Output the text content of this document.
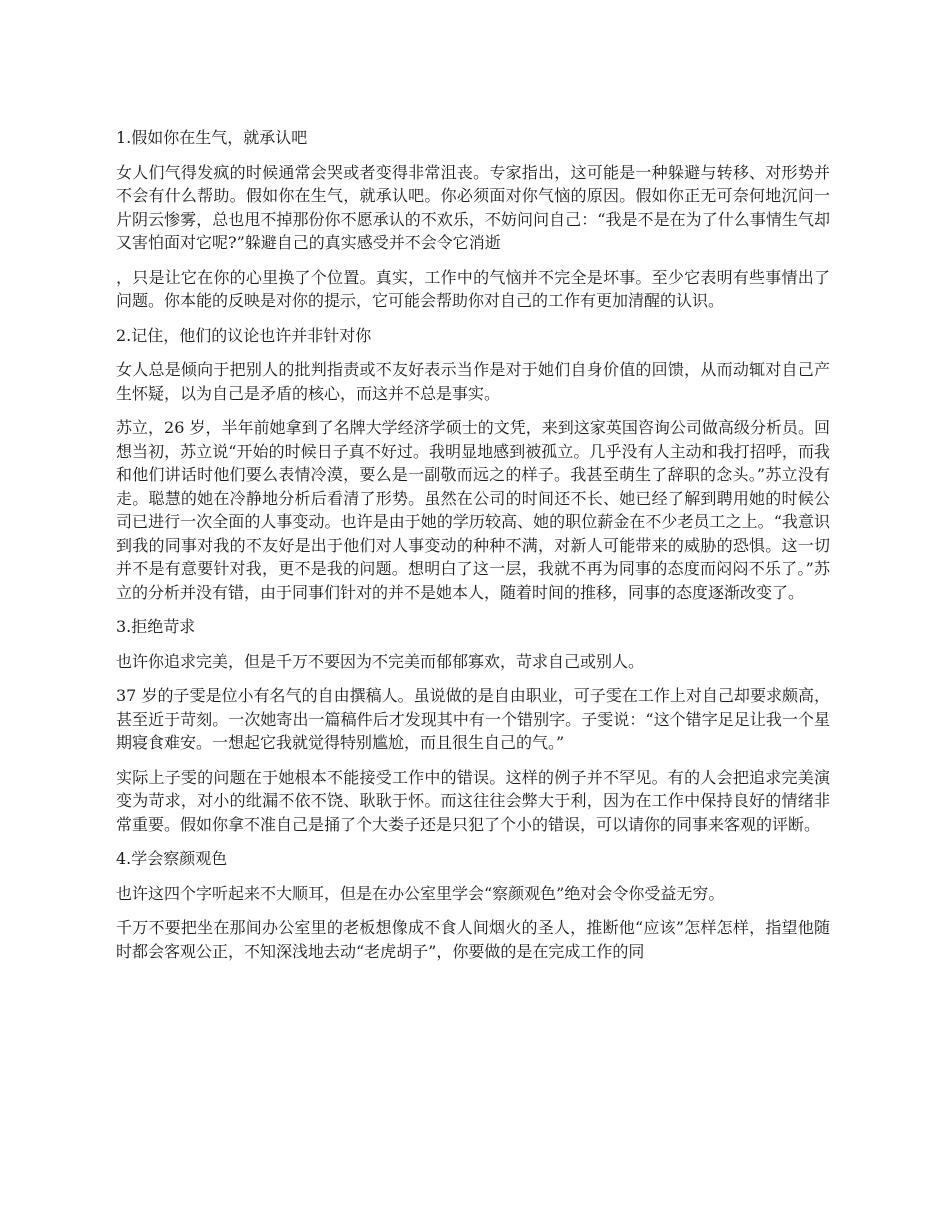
1.假如你在生气，就承认吧

女人们气得发疯的时候通常会哭或者变得非常沮丧。专家指出，这可能是一种躲避与转移、对形势并不会有什么帮助。假如你在生气，就承认吧。你必须面对你气恼的原因。假如你正无可奈何地沉问一片阴云惨雾，总也甩不掉那份你不愿承认的不欢乐，不妨问问自己：“我是不是在为了什么事情生气却又害怕面对它呢?”躲避自己的真实感受并不会令它消逝

，只是让它在你的心里换了个位置。真实，工作中的气恼并不完全是坏事。至少它表明有些事情出了问题。你本能的反映是对你的提示，它可能会帮助你对自己的工作有更加清醒的认识。

2.记住，他们的议论也许并非针对你

女人总是倾向于把别人的批判指责或不友好表示当作是对于她们自身价值的回馈，从而动辄对自己产生怀疑，以为自己是矛盾的核心，而这并不总是事实。

苏立，26 岁，半年前她拿到了名牌大学经济学硕士的文凭，来到这家英国咨询公司做高级分析员。回想当初，苏立说“开始的时候日子真不好过。我明显地感到被孤立。几乎没有人主动和我打招呼，而我和他们讲话时他们要么表情冷漠，要么是一副敬而远之的样子。我甚至萌生了辞职的念头。”苏立没有走。聪慧的她在冷静地分析后看清了形势。虽然在公司的时间还不长、她已经了解到聘用她的时候公司已进行一次全面的人事变动。也许是由于她的学历较高、她的职位薪金在不少老员工之上。“我意识到我的同事对我的不友好是出于他们对人事变动的种种不满，对新人可能带来的威胁的恐惧。这一切并不是有意要针对我，更不是我的问题。想明白了这一层，我就不再为同事的态度而闷闷不乐了。”苏立的分析并没有错，由于同事们针对的并不是她本人，随着时间的推移，同事的态度逐渐改变了。

3.拒绝苛求

也许你追求完美，但是千万不要因为不完美而郁郁寡欢，苛求自己或别人。

37 岁的子雯是位小有名气的自由撰稿人。虽说做的是自由职业，可子雯在工作上对自己却要求颇高，甚至近于苛刻。一次她寄出一篇稿件后才发现其中有一个错别字。子雯说：“这个错字足足让我一个星期寝食难安。一想起它我就觉得特别尴尬，而且很生自己的气。”

实际上子雯的问题在于她根本不能接受工作中的错误。这样的例子并不罕见。有的人会把追求完美演变为苛求，对小的纰漏不依不饶、耿耿于怀。而这往往会弊大于利，因为在工作中保持良好的情绪非常重要。假如你拿不准自己是捅了个大娄子还是只犯了个小的错误，可以请你的同事来客观的评断。

4.学会察颜观色

也许这四个字听起来不大顺耳，但是在办公室里学会“察颜观色”绝对会令你受益无穷。

千万不要把坐在那间办公室里的老板想像成不食人间烟火的圣人，推断他“应该”怎样怎样，指望他随时都会客观公正，不知深浅地去动“老虎胡子”，你要做的是在完成工作的同
